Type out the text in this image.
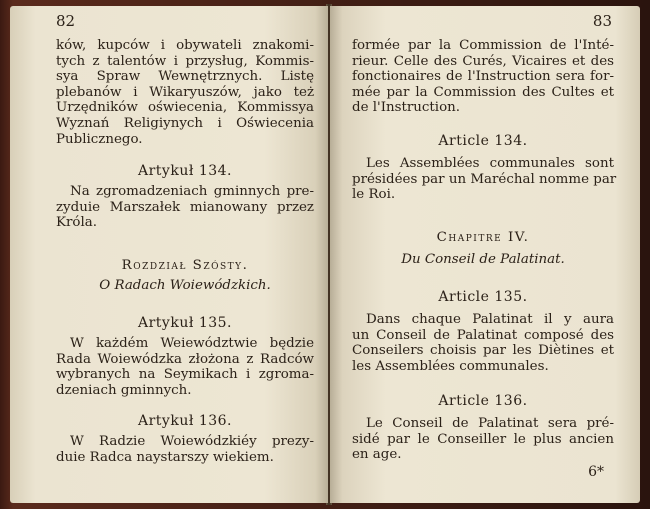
82
ków, kupców i obywateli znakomi-
tych z talentów i przysług, Kommis-
sya Spraw Wewnętrznych. Listę
plebanów i Wikaryuszów, jako też
Urzędników oświecenia, Kommissya
Wyznań Religiynych i Oświecenia
Publicznego.
Artykuł 134.
Na zgromadzeniach gminnych pre-
zyduie Marszałek mianowany przez
Króla.
Rozdział Szósty.
O Radach Woiewódzkich.
Artykuł 135.
W każdém Weiewództwie będzie
Rada Woiewódzka złożona z Radców
wybranych na Seymikach i zgroma-
dzeniach gminnych.
Artykuł 136.
W Radzie Woiewódzkiéy prezy-
duie Radca naystarszy wiekiem.
83
formée par la Commission de l'Inté-
rieur. Celle des Curés, Vicaires et des
fonctionaires de l'Instruction sera for-
mée par la Commission des Cultes et
de l'Instruction.
Article 134.
Les Assemblées communales sont
présidées par un Maréchal nomme par
le Roi.
Chapitre IV.
Du Conseil de Palatinat.
Article 135.
Dans chaque Palatinat il y aura
un Conseil de Palatinat composé des
Conseilers choisis par les Diètines et
les Assemblées communales.
Article 136.
Le Conseil de Palatinat sera pré-
sidé par le Conseiller le plus ancien
en age.
6*
